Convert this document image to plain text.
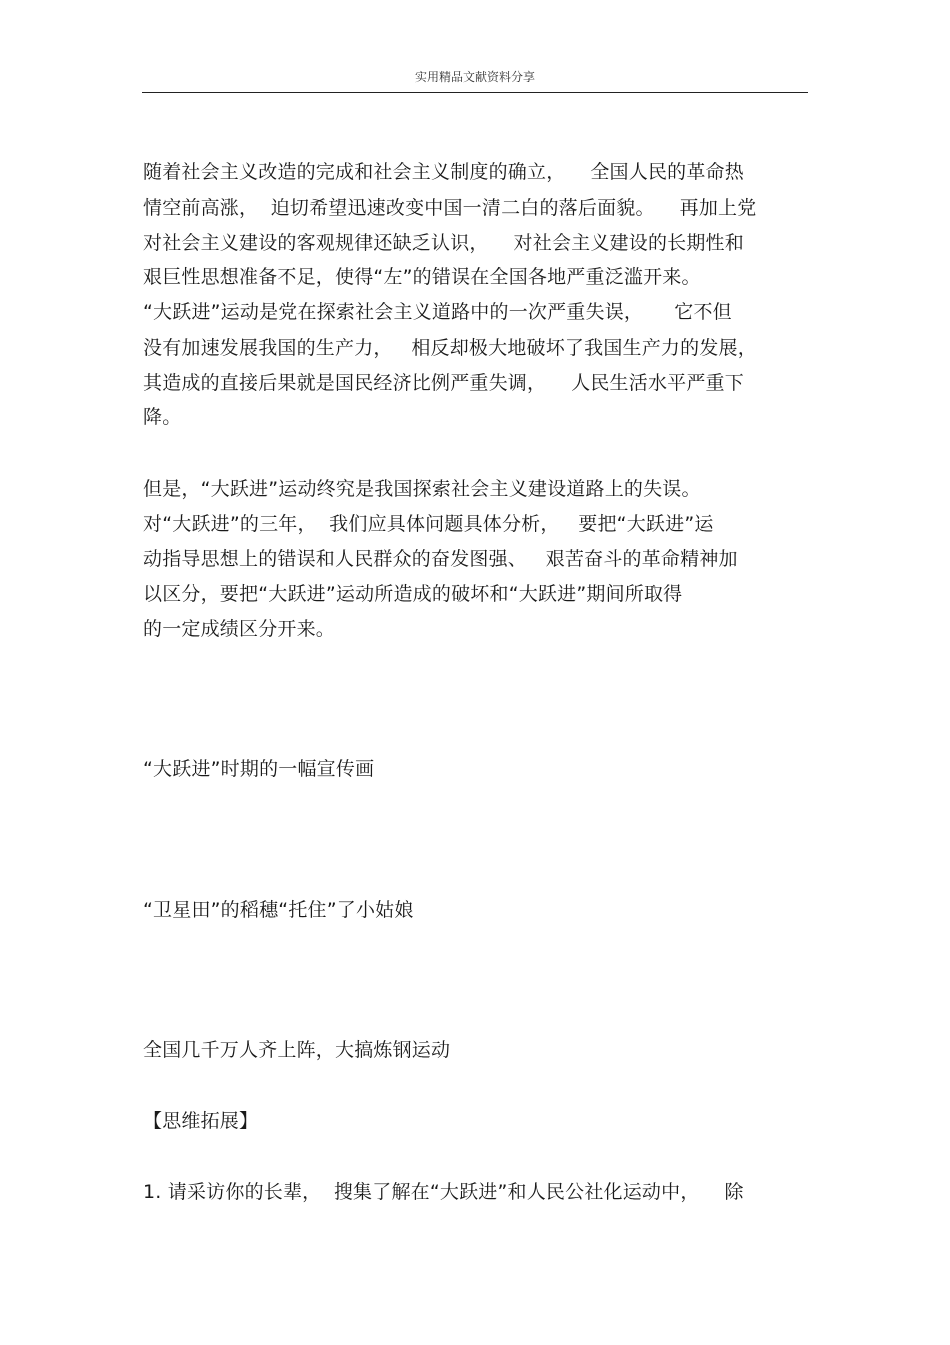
实用精品文献资料分享
随着社会主义改造的完成和社会主义制度的确立，    全国人民的革命热
情空前高涨，  迫切希望迅速改变中国一清二白的落后面貌。    再加上党
对社会主义建设的客观规律还缺乏认识，    对社会主义建设的长期性和
艰巨性思想准备不足，使得“左”的错误在全国各地严重泛滥开来。
“大跃进”运动是党在探索社会主义道路中的一次严重失误，     它不但
没有加速发展我国的生产力，   相反却极大地破坏了我国生产力的发展，
其造成的直接后果就是国民经济比例严重失调，    人民生活水平严重下
降。
但是，“大跃进”运动终究是我国探索社会主义建设道路上的失误。
对“大跃进”的三年，  我们应具体问题具体分析，   要把“大跃进”运
动指导思想上的错误和人民群众的奋发图强、   艰苦奋斗的革命精神加
以区分，要把“大跃进”运动所造成的破坏和“大跃进”期间所取得
的一定成绩区分开来。
“大跃进”时期的一幅宣传画
“卫星田”的稻穗“托住”了小姑娘
全国几千万人齐上阵，大搞炼钢运动
【思维拓展】
1. 请采访你的长辈，  搜集了解在“大跃进”和人民公社化运动中，    除
